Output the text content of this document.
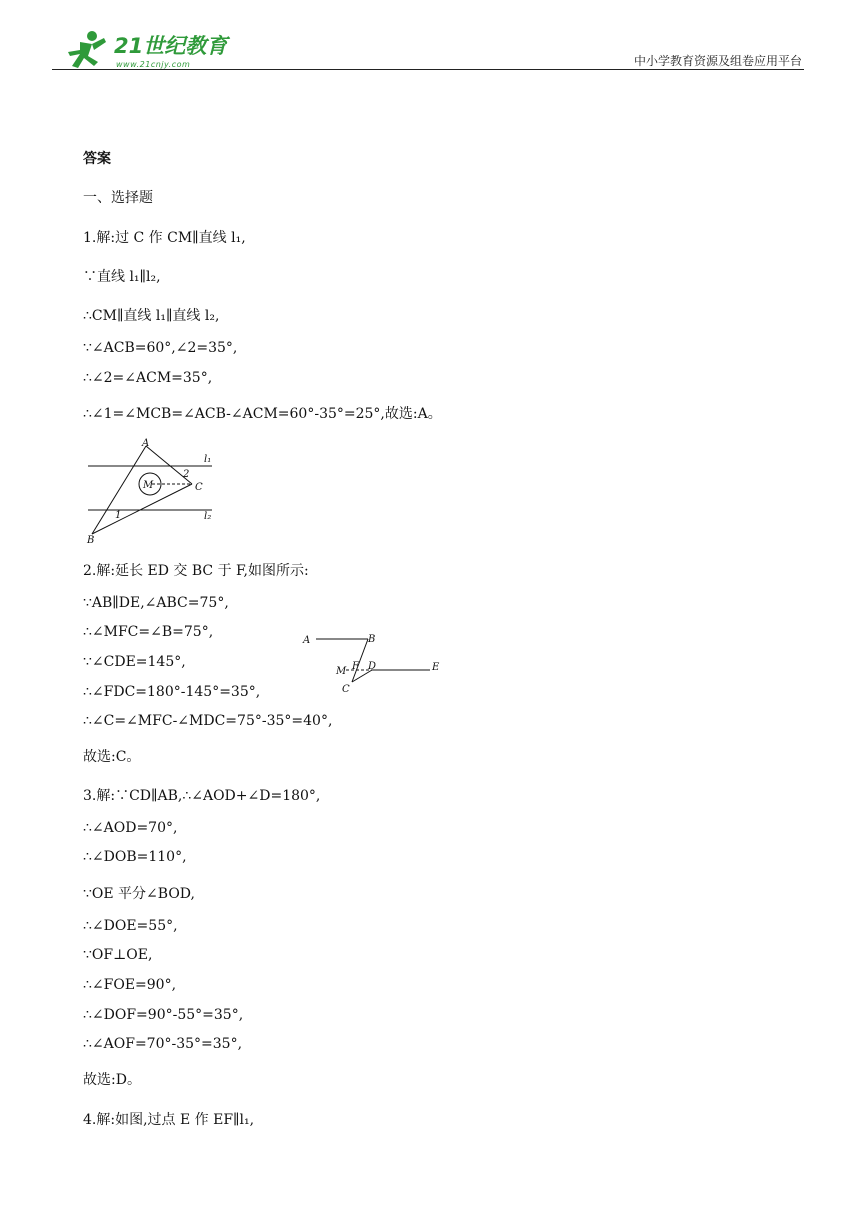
21世纪教育
www.21cnjy.com	中小学教育资源及组卷应用平台
答案
一、选择题
1.解:过 C 作 CM∥直线 l₁,
∵直线 l₁∥l₂,
∴CM∥直线 l₁∥直线 l₂,
∵∠ACB=60°,∠2=35°,
∴∠2=∠ACM=35°,
∴∠1=∠MCB=∠ACB-∠ACM=60°-35°=25°,故选:A。
2.解:延长 ED 交 BC 于 F,如图所示:
∵AB∥DE,∠ABC=75°,
∴∠MFC=∠B=75°,
∵∠CDE=145°,
∴∠FDC=180°-145°=35°,
∴∠C=∠MFC-∠MDC=75°-35°=40°,
故选:C。
3.解:∵CD∥AB,∴∠AOD+∠D=180°,
∴∠AOD=70°,
∴∠DOB=110°,
∵OE 平分∠BOD,
∴∠DOE=55°,
∵OF⊥OE,
∴∠FOE=90°,
∴∠DOF=90°-55°=35°,
∴∠AOF=70°-35°=35°,
故选:D。
4.解:如图,过点 E 作 EF∥l₁,
A
B
C
M
1
2
l₁
l₂
A	B
M F D	E
C
